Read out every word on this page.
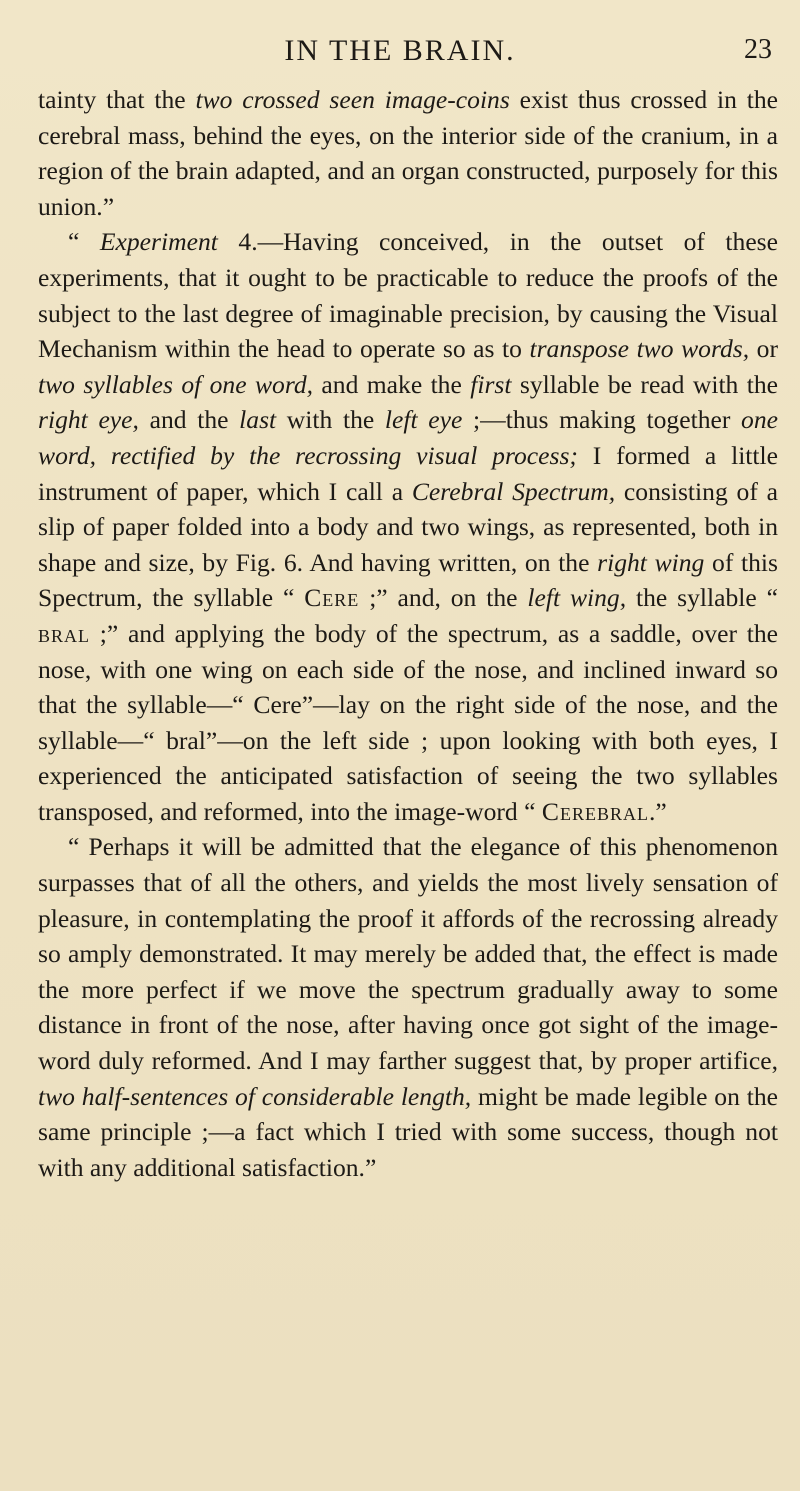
IN THE BRAIN.	23

tainty that the two crossed seen image-coins exist thus crossed in the cerebral mass, behind the eyes, on the interior side of the cranium, in a region of the brain adapted, and an organ constructed, purposely for this union.”

“ Experiment 4.—Having conceived, in the outset of these experiments, that it ought to be practicable to reduce the proofs of the subject to the last degree of imaginable precision, by causing the Visual Mechanism within the head to operate so as to transpose two words, or two syllables of one word, and make the first syllable be read with the right eye, and the last with the left eye ;—thus making together one word, rectified by the recrossing visual process; I formed a little instrument of paper, which I call a Cerebral Spectrum, consisting of a slip of paper folded into a body and two wings, as represented, both in shape and size, by Fig. 6. And having written, on the right wing of this Spectrum, the syllable “ Cere ;” and, on the left wing, the syllable “ bral ;” and applying the body of the spectrum, as a saddle, over the nose, with one wing on each side of the nose, and inclined inward so that the syllable—“ Cere”—lay on the right side of the nose, and the syllable—“ bral”—on the left side ; upon looking with both eyes, I experienced the anticipated satisfaction of seeing the two syllables transposed, and reformed, into the image-word “ Cerebral.”

“ Perhaps it will be admitted that the elegance of this phenomenon surpasses that of all the others, and yields the most lively sensation of pleasure, in contemplating the proof it affords of the recrossing already so amply demonstrated. It may merely be added that, the effect is made the more perfect if we move the spectrum gradually away to some distance in front of the nose, after having once got sight of the image-word duly reformed. And I may farther suggest that, by proper artifice, two half-sentences of considerable length, might be made legible on the same principle ;—a fact which I tried with some success, though not with any additional satisfaction.”
